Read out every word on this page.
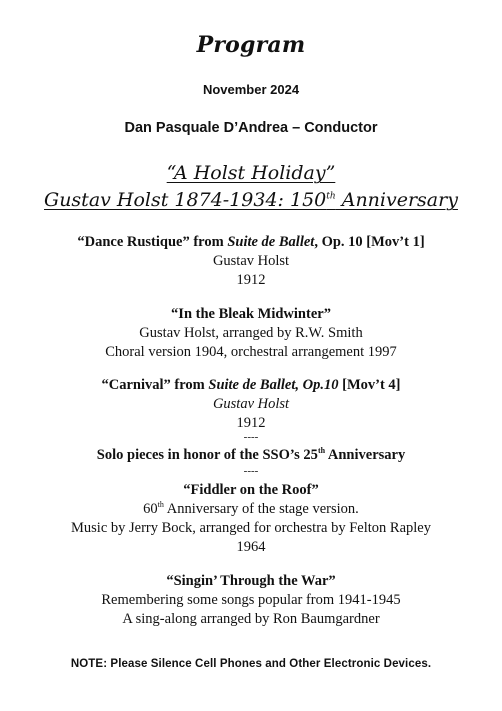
Program
November 2024
Dan Pasquale D’Andrea – Conductor
“A Holst Holiday”
Gustav Holst 1874-1934: 150th Anniversary
“Dance Rustique” from Suite de Ballet, Op. 10 [Mov’t 1]
Gustav Holst
1912
“In the Bleak Midwinter”
Gustav Holst, arranged by R.W. Smith
Choral version 1904, orchestral arrangement 1997
“Carnival” from Suite de Ballet, Op.10 [Mov’t 4]
Gustav Holst
1912
----
Solo pieces in honor of the SSO’s 25th Anniversary
----
“Fiddler on the Roof”
60th Anniversary of the stage version.
Music by Jerry Bock, arranged for orchestra by Felton Rapley
1964
“Singin’ Through the War”
Remembering some songs popular from 1941-1945
A sing-along arranged by Ron Baumgardner
NOTE: Please Silence Cell Phones and Other Electronic Devices.
